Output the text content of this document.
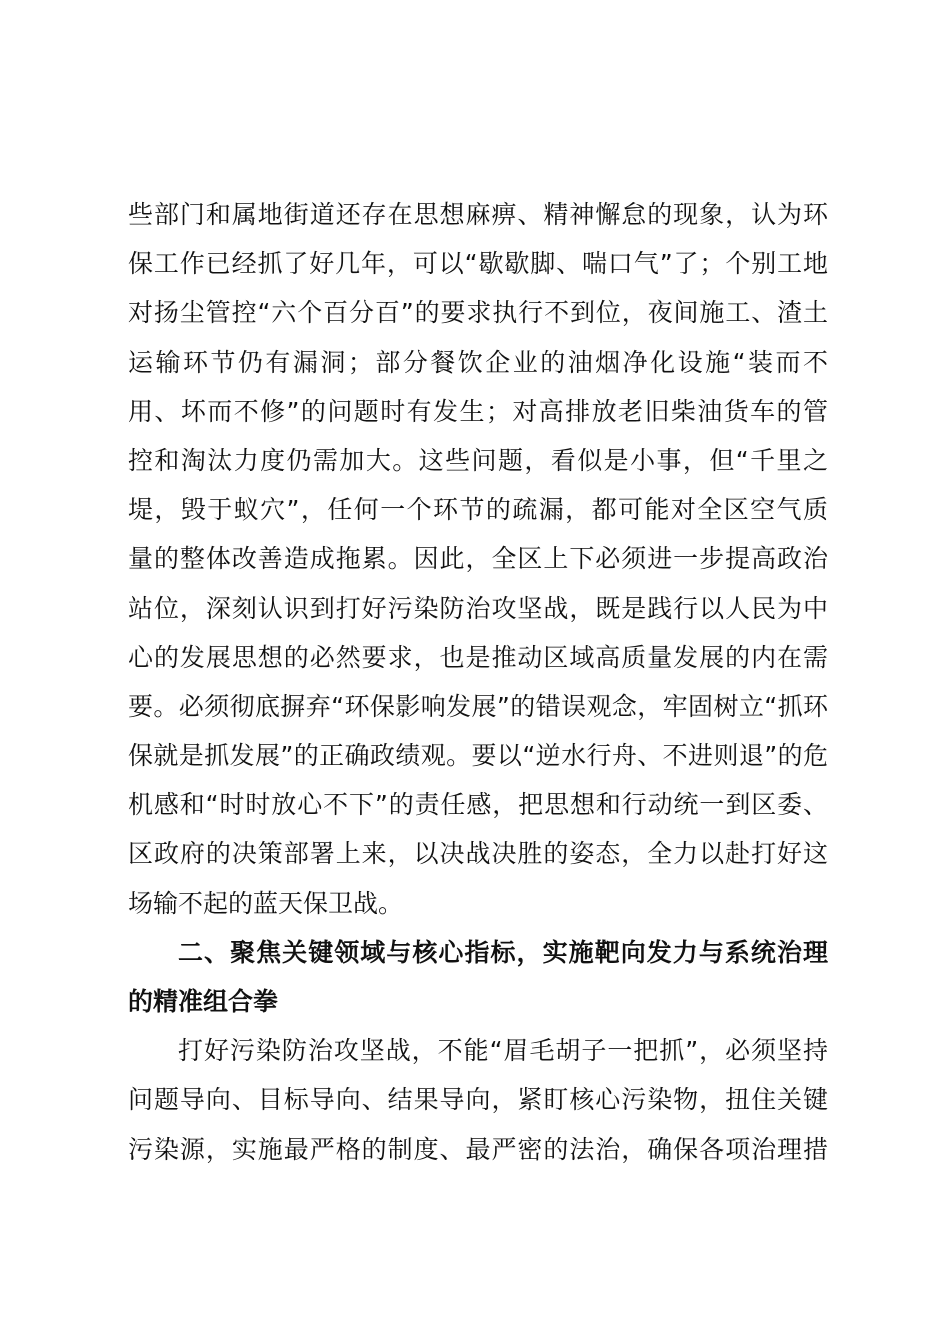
些部门和属地街道还存在思想麻痹、精神懈怠的现象，认为环
保工作已经抓了好几年，可以“歇歇脚、喘口气”了；个别工地
对扬尘管控“六个百分百”的要求执行不到位，夜间施工、渣土
运输环节仍有漏洞；部分餐饮企业的油烟净化设施“装而不
用、坏而不修”的问题时有发生；对高排放老旧柴油货车的管
控和淘汰力度仍需加大。这些问题，看似是小事，但“千里之
堤，毁于蚁穴”，任何一个环节的疏漏，都可能对全区空气质
量的整体改善造成拖累。因此，全区上下必须进一步提高政治
站位，深刻认识到打好污染防治攻坚战，既是践行以人民为中
心的发展思想的必然要求，也是推动区域高质量发展的内在需
要。必须彻底摒弃“环保影响发展”的错误观念，牢固树立“抓环
保就是抓发展”的正确政绩观。要以“逆水行舟、不进则退”的危
机感和“时时放心不下”的责任感，把思想和行动统一到区委、
区政府的决策部署上来，以决战决胜的姿态，全力以赴打好这
场输不起的蓝天保卫战。
二、聚焦关键领域与核心指标，实施靶向发力与系统治理
的精准组合拳
打好污染防治攻坚战，不能“眉毛胡子一把抓”，必须坚持
问题导向、目标导向、结果导向，紧盯核心污染物，扭住关键
污染源，实施最严格的制度、最严密的法治，确保各项治理措
